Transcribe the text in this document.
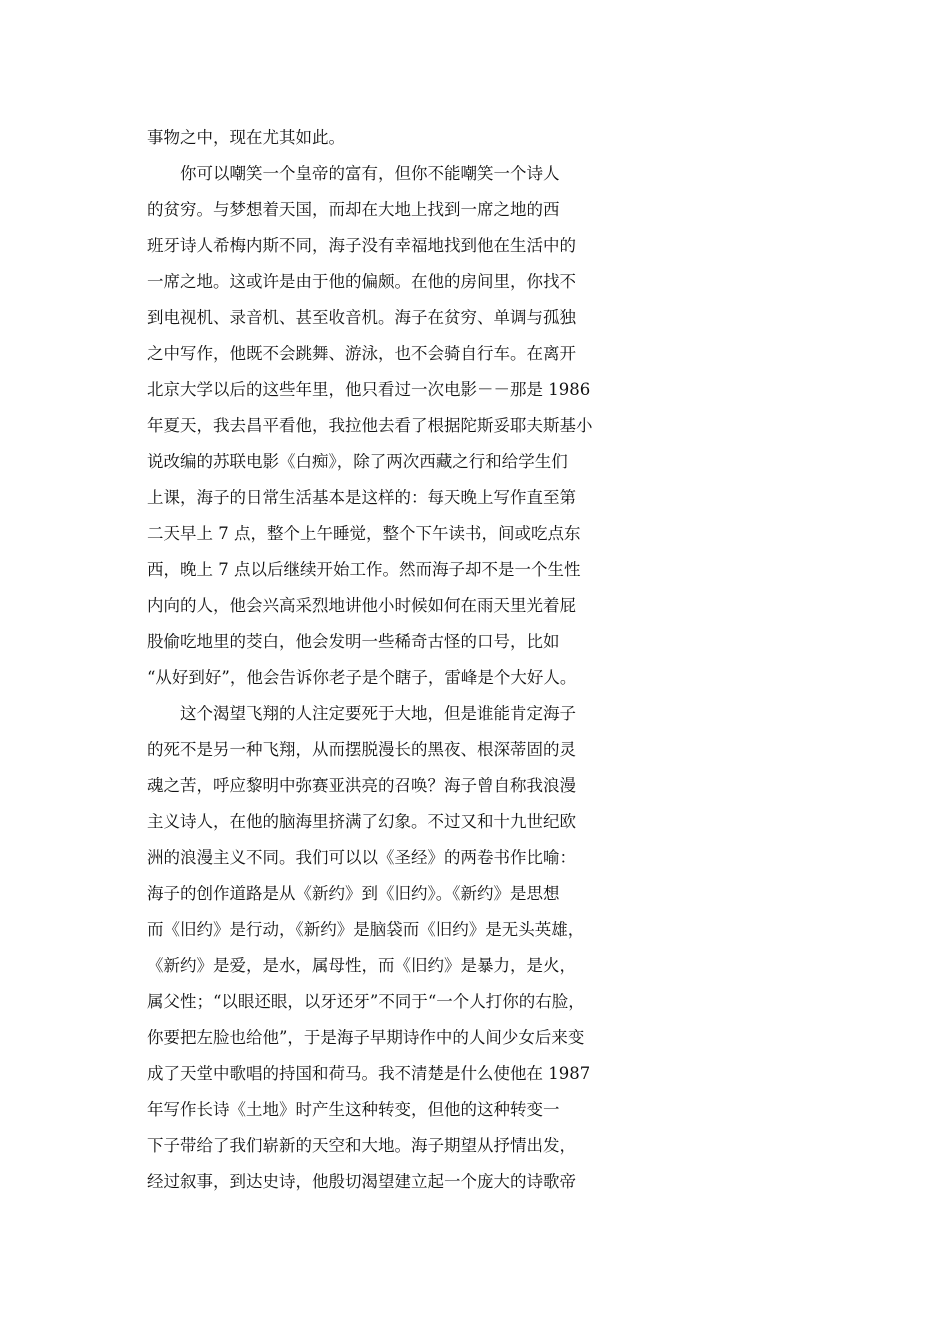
事物之中，现在尤其如此。
你可以嘲笑一个皇帝的富有，但你不能嘲笑一个诗人
的贫穷。与梦想着天国，而却在大地上找到一席之地的西
班牙诗人希梅内斯不同，海子没有幸福地找到他在生活中的
一席之地。这或许是由于他的偏颇。在他的房间里，你找不
到电视机、录音机、甚至收音机。海子在贫穷、单调与孤独
之中写作，他既不会跳舞、游泳，也不会骑自行车。在离开
北京大学以后的这些年里，他只看过一次电影－－那是 1986
年夏天，我去昌平看他，我拉他去看了根据陀斯妥耶夫斯基小
说改编的苏联电影《白痴》，除了两次西藏之行和给学生们
上课，海子的日常生活基本是这样的：每天晚上写作直至第
二天早上 7 点，整个上午睡觉，整个下午读书，间或吃点东
西，晚上 7 点以后继续开始工作。然而海子却不是一个生性
内向的人，他会兴高采烈地讲他小时候如何在雨天里光着屁
股偷吃地里的茭白，他会发明一些稀奇古怪的口号，比如
“从好到好”，他会告诉你老子是个瞎子，雷峰是个大好人。
这个渴望飞翔的人注定要死于大地，但是谁能肯定海子
的死不是另一种飞翔，从而摆脱漫长的黑夜、根深蒂固的灵
魂之苦，呼应黎明中弥赛亚洪亮的召唤？海子曾自称我浪漫
主义诗人，在他的脑海里挤满了幻象。不过又和十九世纪欧
洲的浪漫主义不同。我们可以以《圣经》的两卷书作比喻：
海子的创作道路是从《新约》到《旧约》。《新约》是思想
而《旧约》是行动，《新约》是脑袋而《旧约》是无头英雄，
《新约》是爱，是水，属母性，而《旧约》是暴力，是火，
属父性；“以眼还眼，以牙还牙”不同于“一个人打你的右脸，
你要把左脸也给他”，于是海子早期诗作中的人间少女后来变
成了天堂中歌唱的持国和荷马。我不清楚是什么使他在 1987
年写作长诗《土地》时产生这种转变，但他的这种转变一
下子带给了我们崭新的天空和大地。海子期望从抒情出发，
经过叙事，到达史诗，他殷切渴望建立起一个庞大的诗歌帝
